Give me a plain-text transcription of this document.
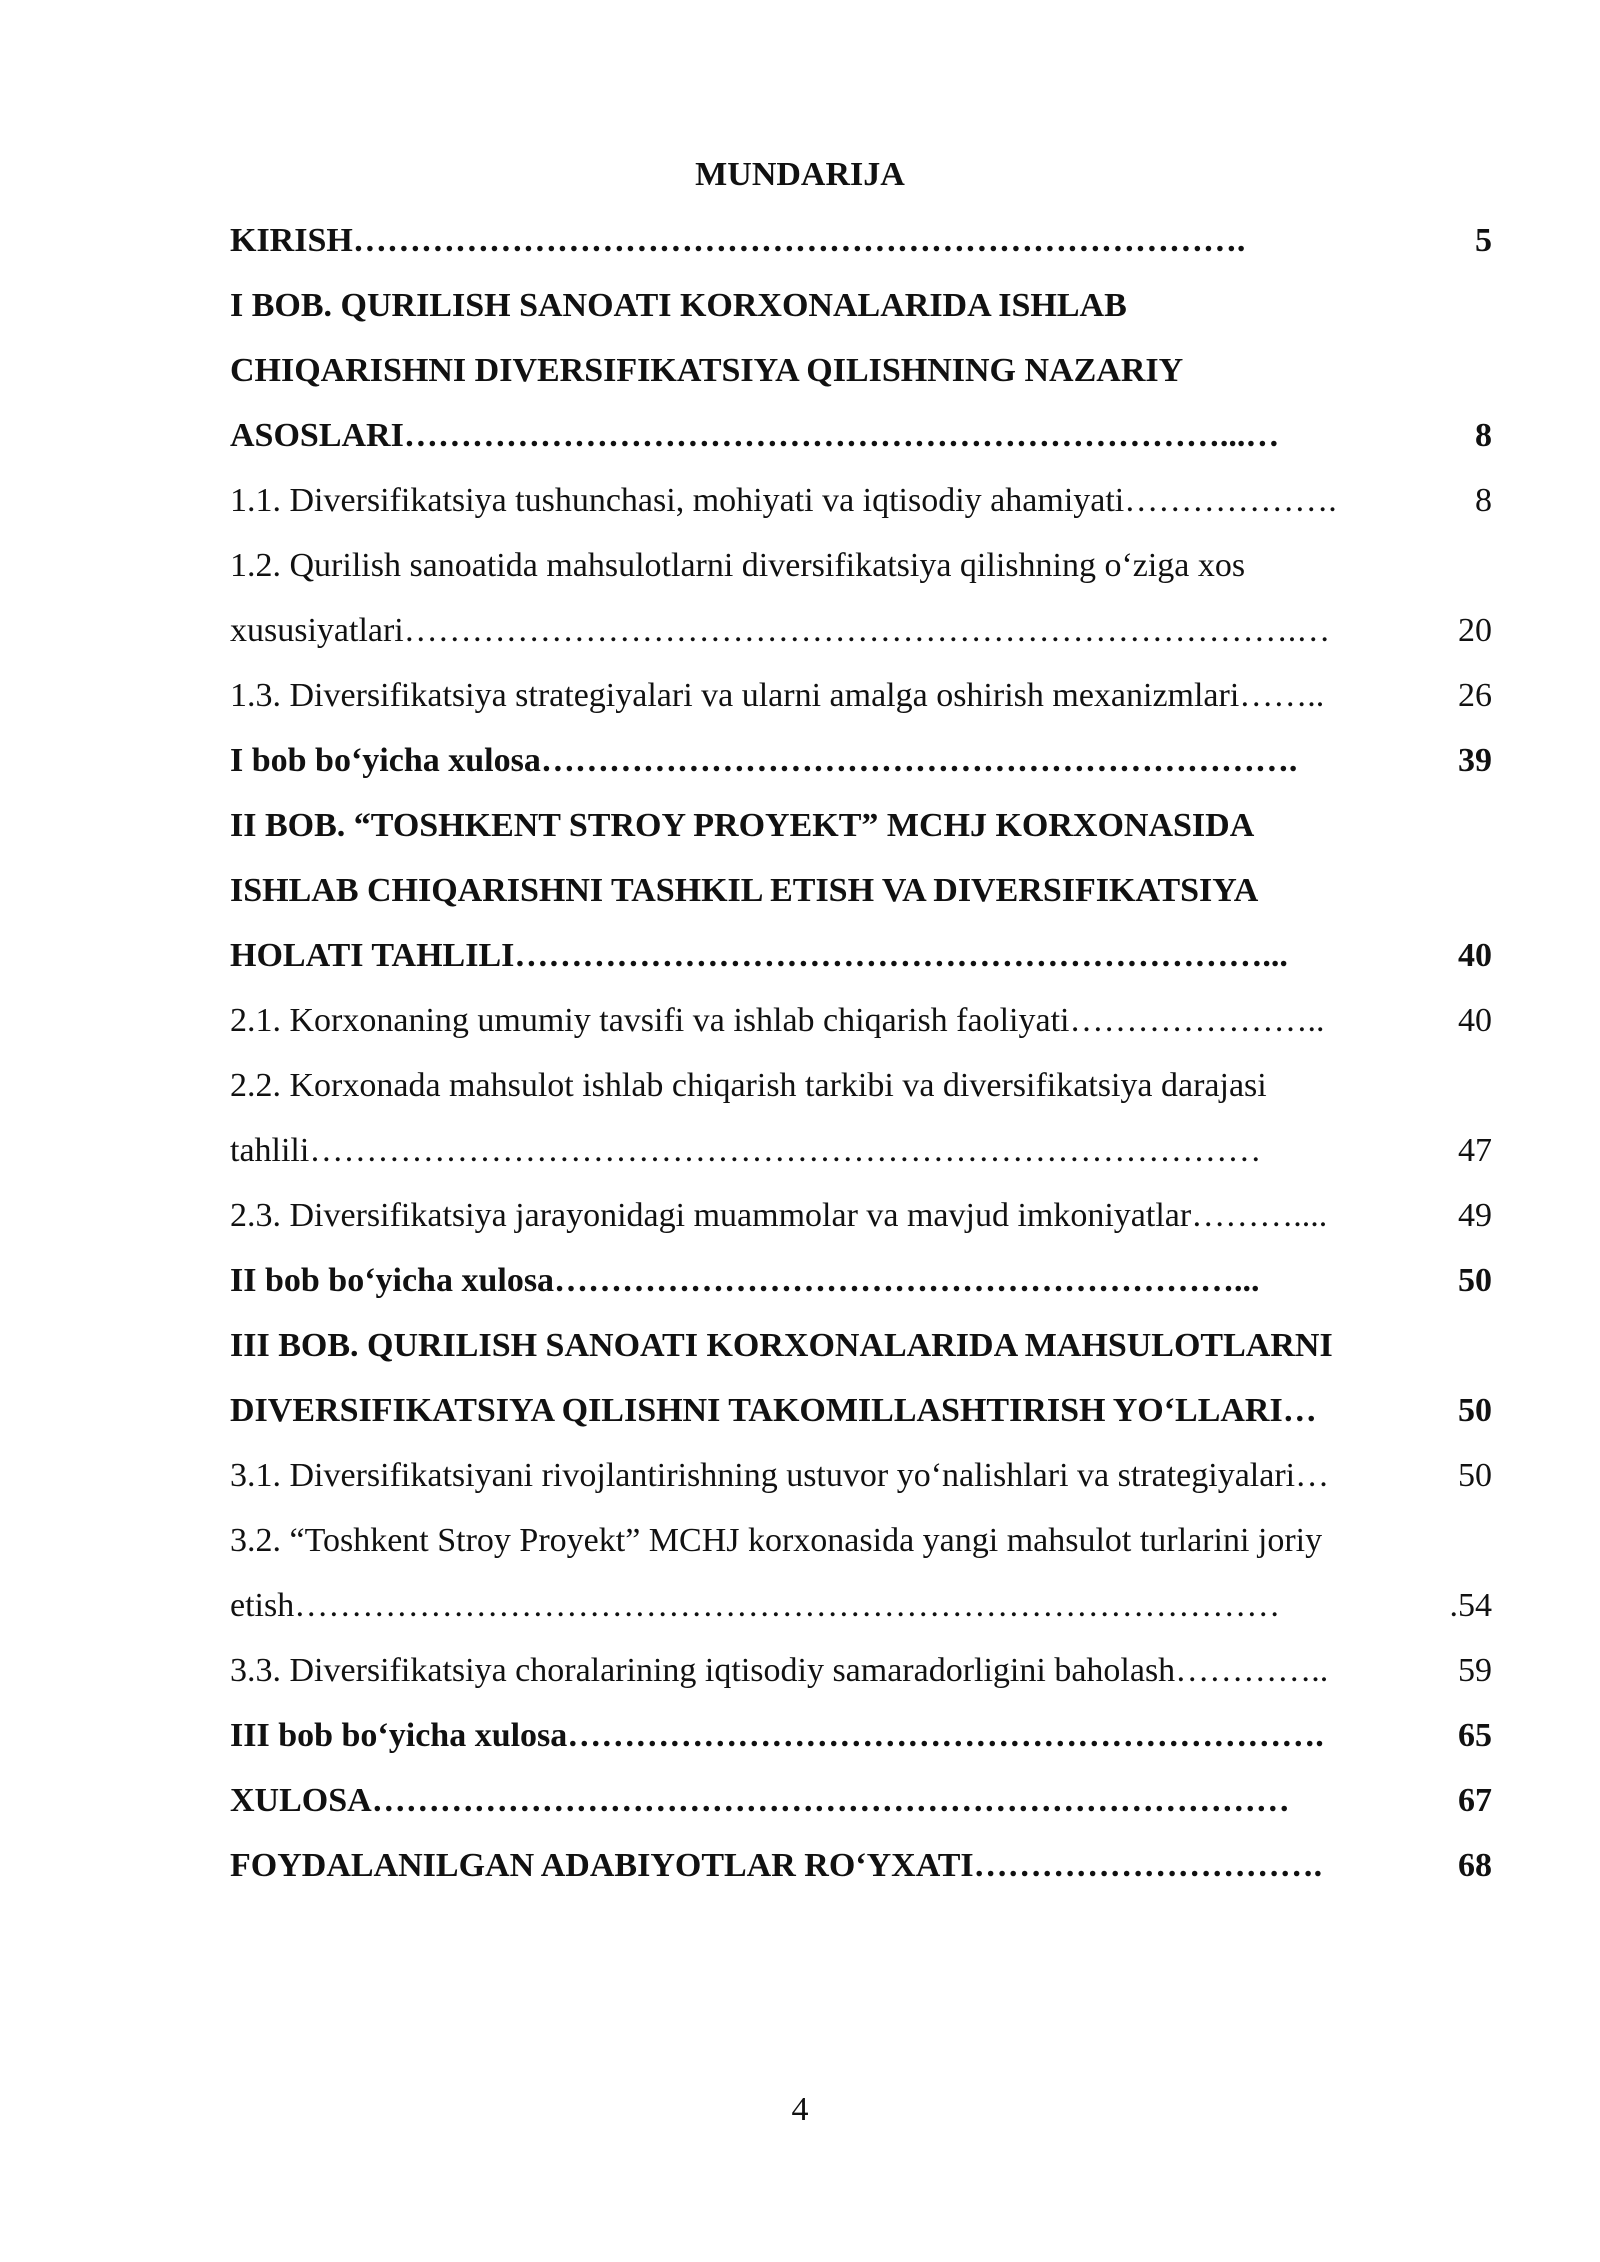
MUNDARIJA
KIRISH …………………………………………………………………….	5
I BOB. QURILISH SANOATI KORXONALARIDA ISHLAB
CHIQARISHNI DIVERSIFIKATSIYA QILISHNING NAZARIY
ASOSLARI ………………………………………………………………...…	8
1.1. Diversifikatsiya tushunchasi, mohiyati va iqtisodiy ahamiyati ……………….	8
1.2. Qurilish sanoatida mahsulotlarni diversifikatsiya qilishning oʻziga xos
xususiyatlari …………………………………………………………………….…	20
1.3. Diversifikatsiya strategiyalari va ularni amalga oshirish mexanizmlari ……..	26
I bob boʻyicha xulosa ………………………………………………………….	39
II BOB. “TOSHKENT STROY PROYEKT” MCHJ KORXONASIDA
ISHLAB CHIQARISHNI TASHKIL ETISH VA DIVERSIFIKATSIYA
HOLATI TAHLILI …………………………………………………………...	40
2.1. Korxonaning umumiy tavsifi va ishlab chiqarish faoliyati …………………..	40
2.2. Korxonada mahsulot ishlab chiqarish tarkibi va diversifikatsiya darajasi
tahlili …………………………………………………………………………	47
2.3. Diversifikatsiya jarayonidagi muammolar va mavjud imkoniyatlar ………....	49
II bob boʻyicha xulosa ……………………………………………………...	50
III BOB. QURILISH SANOATI KORXONALARIDA MAHSULOTLARNI
DIVERSIFIKATSIYA QILISHNI TAKOMILLASHTIRISH YOʻLLARI …	50
3.1. Diversifikatsiyani rivojlantirishning ustuvor yoʻnalishlari va strategiyalari …	50
3.2. “Toshkent Stroy Proyekt” MCHJ korxonasida yangi mahsulot turlarini joriy
etish ……………………………………………………………………………	.54
3.3. Diversifikatsiya choralarining iqtisodiy samaradorligini baholash …………..	59
III bob boʻyicha xulosa ………………………………………………………….	65
XULOSA ………………………………………………………………………	67
FOYDALANILGAN ADABIYOTLAR ROʻYXATI ………………………….	68
4
